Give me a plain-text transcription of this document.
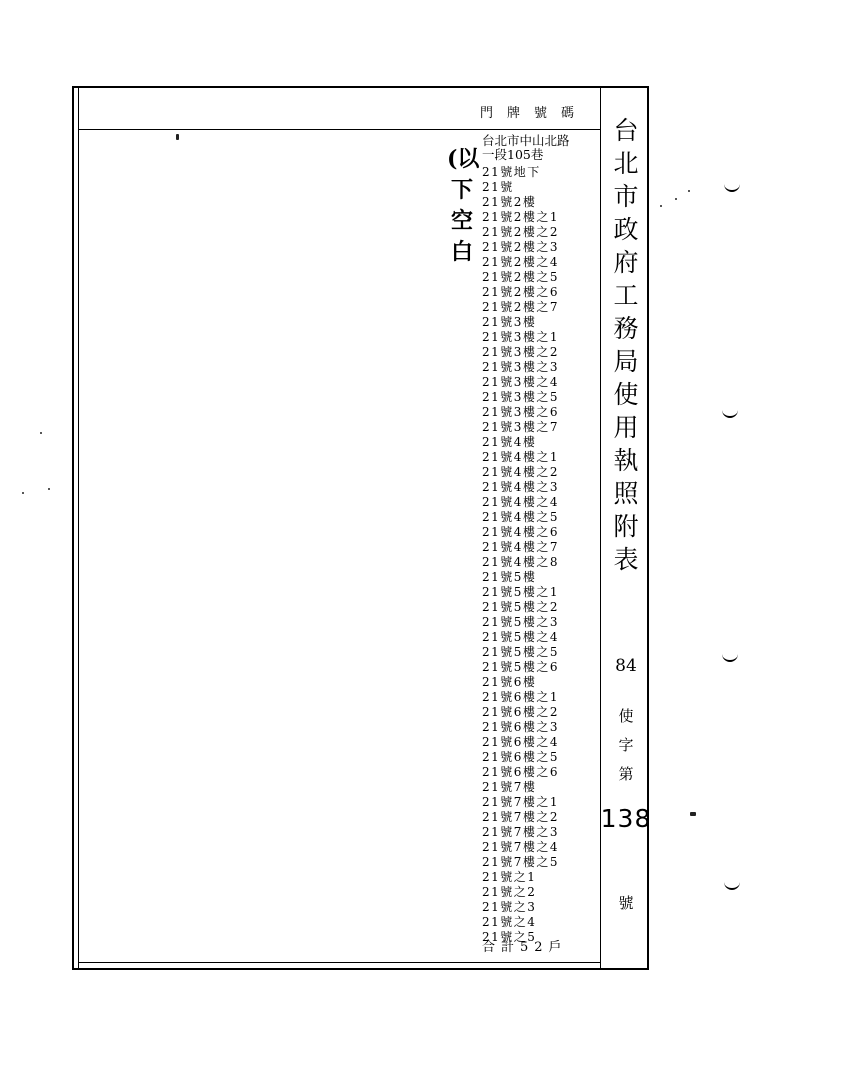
門牌號碼
台北市中山北路
一段105巷
21號地下
21號
21號2樓
21號2樓之1
21號2樓之2
21號2樓之3
21號2樓之4
21號2樓之5
21號2樓之6
21號2樓之7
21號3樓
21號3樓之1
21號3樓之2
21號3樓之3
21號3樓之4
21號3樓之5
21號3樓之6
21號3樓之7
21號4樓
21號4樓之1
21號4樓之2
21號4樓之3
21號4樓之4
21號4樓之5
21號4樓之6
21號4樓之7
21號4樓之8
21號5樓
21號5樓之1
21號5樓之2
21號5樓之3
21號5樓之4
21號5樓之5
21號5樓之6
21號6樓
21號6樓之1
21號6樓之2
21號6樓之3
21號6樓之4
21號6樓之5
21號6樓之6
21號7樓
21號7樓之1
21號7樓之2
21號7樓之3
21號7樓之4
21號7樓之5
21號之1
21號之2
21號之3
21號之4
21號之5
合計52戶
(以
下
空
白
台
北
市
政
府
工
務
局
使
用
執
照
附
表
84
使
字
第
138
號
